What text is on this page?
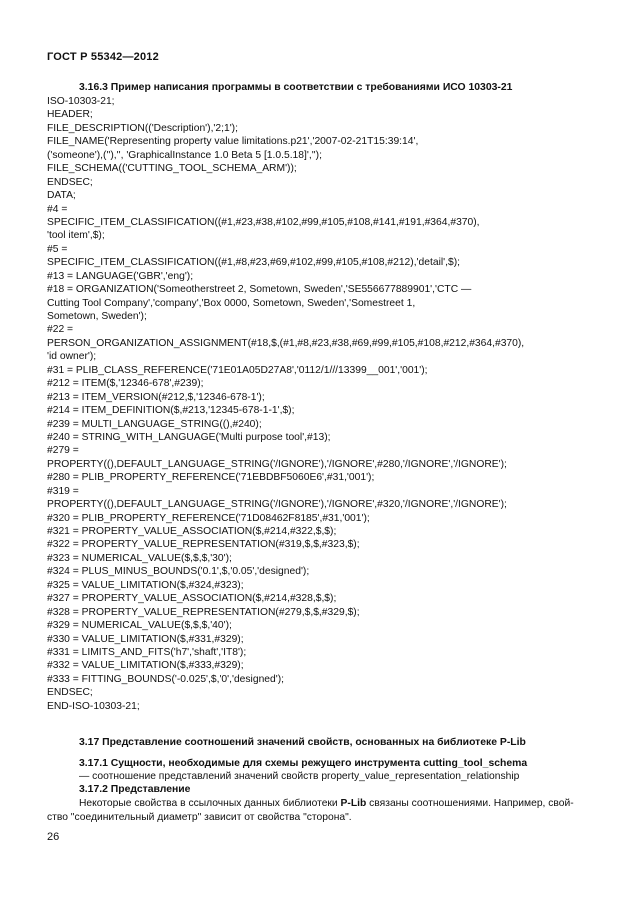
ГОСТ Р 55342—2012
3.16.3 Пример написания программы в соответствии с требованиями ИСО 10303-21
ISO-10303-21;
HEADER;
FILE_DESCRIPTION(('Description'),'2;1');
FILE_NAME('Representing property value limitations.p21','2007-02-21T15:39:14',
('someone'),(''),'', 'GraphicalInstance 1.0 Beta 5 [1.0.5.18]','');
FILE_SCHEMA(('CUTTING_TOOL_SCHEMA_ARM'));
ENDSEC;
DATA;
#4 =
SPECIFIC_ITEM_CLASSIFICATION((#1,#23,#38,#102,#99,#105,#108,#141,#191,#364,#370),
'tool item',$);
#5 =
SPECIFIC_ITEM_CLASSIFICATION((#1,#8,#23,#69,#102,#99,#105,#108,#212),'detail',$);
#13 = LANGUAGE('GBR','eng');
#18 = ORGANIZATION('Someotherstreet 2, Sometown, Sweden','SE556677889901','CTC —
Cutting Tool Company','company','Box 0000, Sometown, Sweden','Somestreet 1,
Sometown, Sweden');
#22 =
PERSON_ORGANIZATION_ASSIGNMENT(#18,$,(#1,#8,#23,#38,#69,#99,#105,#108,#212,#364,#370),
'id owner');
#31 = PLIB_CLASS_REFERENCE('71E01A05D27A8','0112/1///13399__001','001');
#212 = ITEM($,'12346-678',#239);
#213 = ITEM_VERSION(#212,$,'12346-678-1');
#214 = ITEM_DEFINITION($,#213,'12345-678-1-1',$);
#239 = MULTI_LANGUAGE_STRING((),#240);
#240 = STRING_WITH_LANGUAGE('Multi purpose tool',#13);
#279 =
PROPERTY((),DEFAULT_LANGUAGE_STRING('/IGNORE'),'/IGNORE',#280,'/IGNORE','/IGNORE');
#280 = PLIB_PROPERTY_REFERENCE('71EBDBF5060E6',#31,'001');
#319 =
PROPERTY((),DEFAULT_LANGUAGE_STRING('/IGNORE'),'/IGNORE',#320,'/IGNORE','/IGNORE');
#320 = PLIB_PROPERTY_REFERENCE('71D08462F8185',#31,'001');
#321 = PROPERTY_VALUE_ASSOCIATION($,#214,#322,$,$);
#322 = PROPERTY_VALUE_REPRESENTATION(#319,$,$,#323,$);
#323 = NUMERICAL_VALUE($,$,$,'30');
#324 = PLUS_MINUS_BOUNDS('0.1',$,'0.05','designed');
#325 = VALUE_LIMITATION($,#324,#323);
#327 = PROPERTY_VALUE_ASSOCIATION($,#214,#328,$,$);
#328 = PROPERTY_VALUE_REPRESENTATION(#279,$,$,#329,$);
#329 = NUMERICAL_VALUE($,$,$,'40');
#330 = VALUE_LIMITATION($,#331,#329);
#331 = LIMITS_AND_FITS('h7','shaft','IT8');
#332 = VALUE_LIMITATION($,#333,#329);
#333 = FITTING_BOUNDS('-0.025',$,'0','designed');
ENDSEC;
END-ISO-10303-21;
3.17 Представление соотношений значений свойств, основанных на библиотеке P-Lib
3.17.1 Сущности, необходимые для схемы режущего инструмента cutting_tool_schema
— соотношение представлений значений свойств property_value_representation_relationship
3.17.2 Представление
Некоторые свойства в ссылочных данных библиотеки P-Lib связаны соотношениями. Например, свой-
ство "соединительный диаметр" зависит от свойства "сторона".
26
